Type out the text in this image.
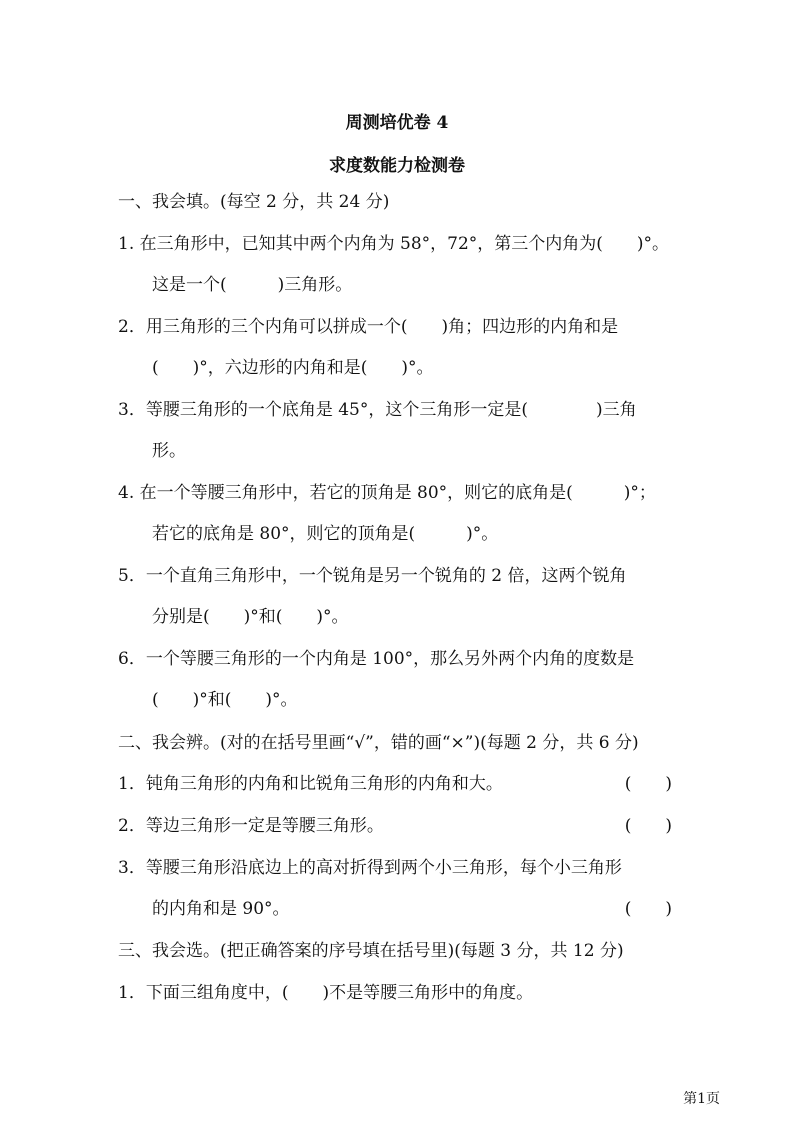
周测培优卷 4
求度数能力检测卷
一、我会填。(每空 2 分，共 24 分)
1. 在三角形中，已知其中两个内角为 58°，72°，第三个内角为(　　)°。
这是一个(　　　)三角形。
2．用三角形的三个内角可以拼成一个(　　)角；四边形的内角和是
(　　)°，六边形的内角和是(　　)°。
3．等腰三角形的一个底角是 45°，这个三角形一定是(　　　　)三角
形。
4. 在一个等腰三角形中，若它的顶角是 80°，则它的底角是(　　　)°；
若它的底角是 80°，则它的顶角是(　　　)°。
5．一个直角三角形中，一个锐角是另一个锐角的 2 倍，这两个锐角
分别是(　　)°和(　　)°。
6．一个等腰三角形的一个内角是 100°，那么另外两个内角的度数是
(　　)°和(　　)°。
二、我会辨。(对的在括号里画“√”，错的画“×”)(每题 2 分，共 6 分)
1．钝角三角形的内角和比锐角三角形的内角和大。	(　　)
2．等边三角形一定是等腰三角形。	(　　)
3．等腰三角形沿底边上的高对折得到两个小三角形，每个小三角形
的内角和是 90°。	(　　)
三、我会选。(把正确答案的序号填在括号里)(每题 3 分，共 12 分)
1．下面三组角度中，(　　)不是等腰三角形中的角度。
第1页
